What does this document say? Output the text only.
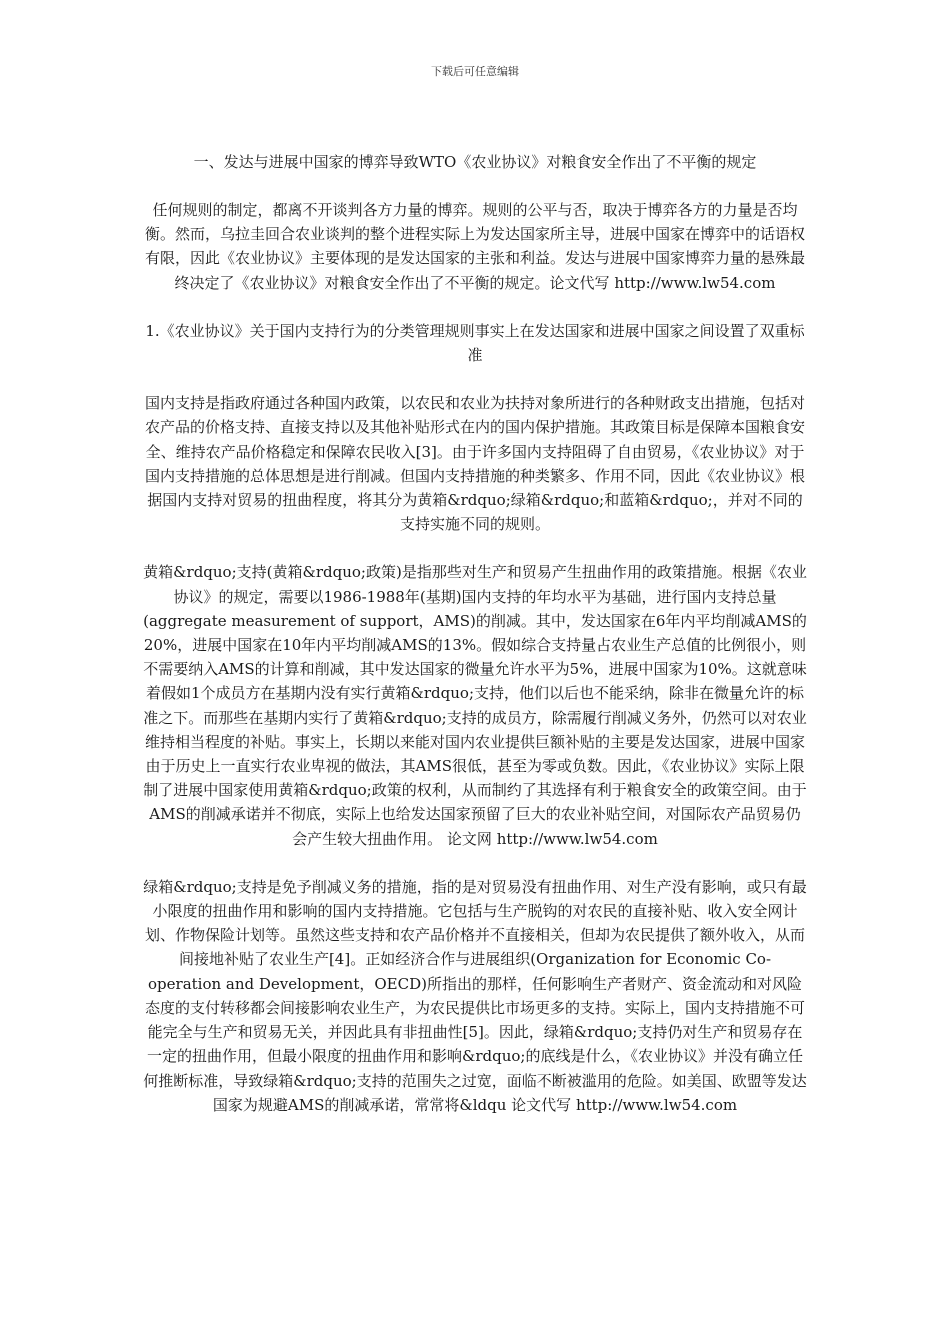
下载后可任意编辑
一、发达与进展中国家的博弈导致WTO《农业协议》对粮食安全作出了不平衡的规定
任何规则的制定，都离不开谈判各方力量的博弈。规则的公平与否，取决于博弈各方的力量是否均衡。然而，乌拉圭回合农业谈判的整个进程实际上为发达国家所主导，进展中国家在博弈中的话语权有限，因此《农业协议》主要体现的是发达国家的主张和利益。发达与进展中国家博弈力量的悬殊最终决定了《农业协议》对粮食安全作出了不平衡的规定。论文代写 http://www.lw54.com
1.《农业协议》关于国内支持行为的分类管理规则事实上在发达国家和进展中国家之间设置了双重标准
国内支持是指政府通过各种国内政策，以农民和农业为扶持对象所进行的各种财政支出措施，包括对农产品的价格支持、直接支持以及其他补贴形式在内的国内保护措施。其政策目标是保障本国粮食安全、维持农产品价格稳定和保障农民收入[3]。由于许多国内支持阻碍了自由贸易，《农业协议》对于国内支持措施的总体思想是进行削减。但国内支持措施的种类繁多、作用不同，因此《农业协议》根据国内支持对贸易的扭曲程度，将其分为黄箱&rdquo;绿箱&rdquo;和蓝箱&rdquo;，并对不同的支持实施不同的规则。
黄箱&rdquo;支持(黄箱&rdquo;政策)是指那些对生产和贸易产生扭曲作用的政策措施。根据《农业协议》的规定，需要以1986-1988年(基期)国内支持的年均水平为基础，进行国内支持总量(aggregate measurement of support，AMS)的削减。其中，发达国家在6年内平均削减AMS的20%，进展中国家在10年内平均削减AMS的13%。假如综合支持量占农业生产总值的比例很小，则不需要纳入AMS的计算和削减，其中发达国家的微量允许水平为5%，进展中国家为10%。这就意味着假如1个成员方在基期内没有实行黄箱&rdquo;支持，他们以后也不能采纳，除非在微量允许的标准之下。而那些在基期内实行了黄箱&rdquo;支持的成员方，除需履行削减义务外，仍然可以对农业维持相当程度的补贴。事实上，长期以来能对国内农业提供巨额补贴的主要是发达国家，进展中国家由于历史上一直实行农业卑视的做法，其AMS很低，甚至为零或负数。因此，《农业协议》实际上限制了进展中国家使用黄箱&rdquo;政策的权利，从而制约了其选择有利于粮食安全的政策空间。由于AMS的削减承诺并不彻底，实际上也给发达国家预留了巨大的农业补贴空间，对国际农产品贸易仍会产生较大扭曲作用。 论文网 http://www.lw54.com
绿箱&rdquo;支持是免予削减义务的措施，指的是对贸易没有扭曲作用、对生产没有影响，或只有最小限度的扭曲作用和影响的国内支持措施。它包括与生产脱钩的对农民的直接补贴、收入安全网计划、作物保险计划等。虽然这些支持和农产品价格并不直接相关，但却为农民提供了额外收入，从而间接地补贴了农业生产[4]。正如经济合作与进展组织(Organization for Economic Co-operation and Development，OECD)所指出的那样，任何影响生产者财产、资金流动和对风险态度的支付转移都会间接影响农业生产，为农民提供比市场更多的支持。实际上，国内支持措施不可能完全与生产和贸易无关，并因此具有非扭曲性[5]。因此，绿箱&rdquo;支持仍对生产和贸易存在一定的扭曲作用，但最小限度的扭曲作用和影响&rdquo;的底线是什么，《农业协议》并没有确立任何推断标准，导致绿箱&rdquo;支持的范围失之过宽，面临不断被滥用的危险。如美国、欧盟等发达国家为规避AMS的削减承诺，常常将&ldqu 论文代写 http://www.lw54.com
